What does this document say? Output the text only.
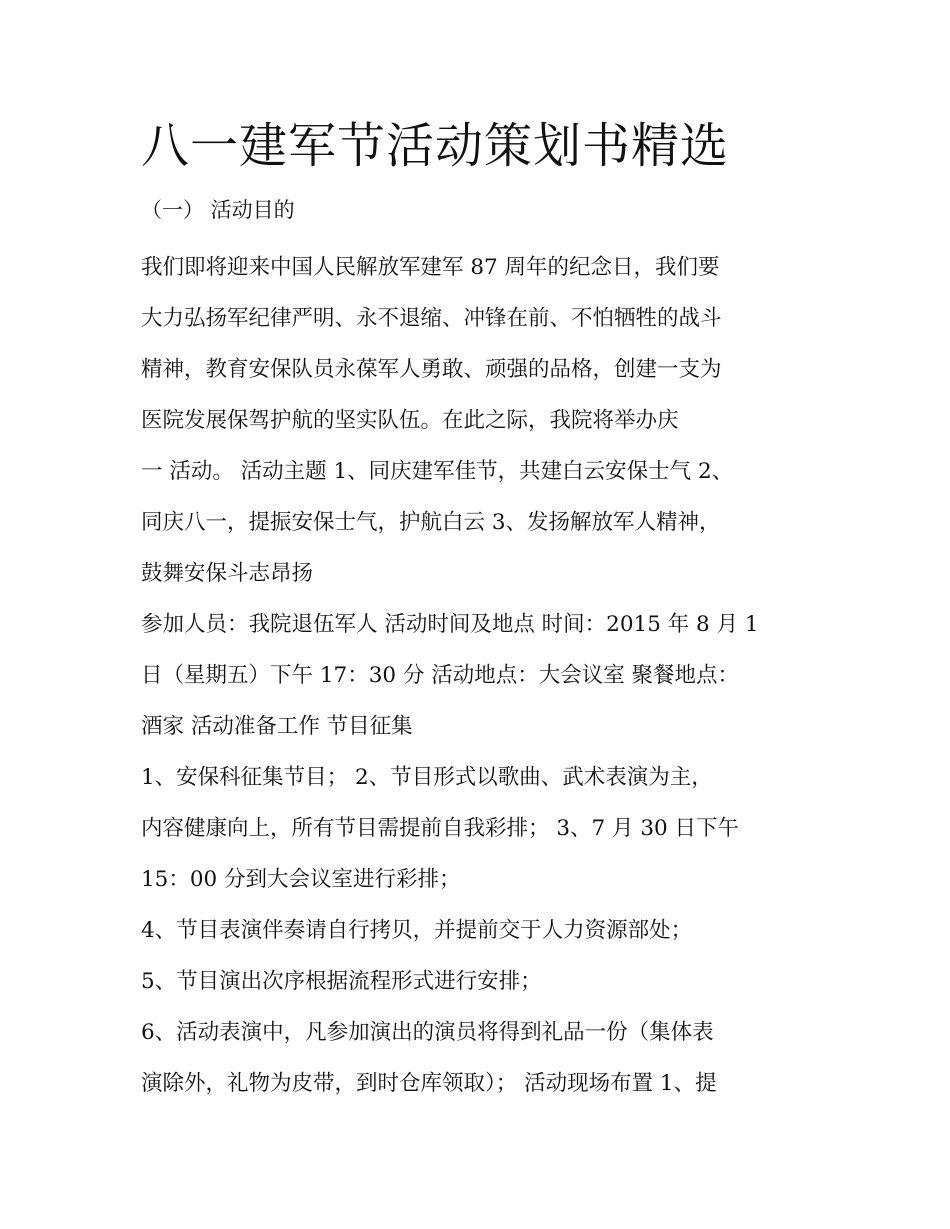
八一建军节活动策划书精选
（一） 活动目的
我们即将迎来中国人民解放军建军 87 周年的纪念日，我们要
大力弘扬军纪律严明、永不退缩、冲锋在前、不怕牺牲的战斗
精神，教育安保队员永葆军人勇敢、顽强的品格，创建一支为
医院发展保驾护航的坚实队伍。在此之际，我院将举办庆
一 活动。 活动主题 1、同庆建军佳节，共建白云安保士气 2、
同庆八一，提振安保士气，护航白云 3、发扬解放军人精神，
鼓舞安保斗志昂扬
参加人员：我院退伍军人 活动时间及地点 时间：2015 年 8 月 1
日（星期五）下午 17：30 分 活动地点：大会议室 聚餐地点：
酒家 活动准备工作 节目征集
1、安保科征集节目； 2、节目形式以歌曲、武术表演为主，
内容健康向上，所有节目需提前自我彩排； 3、7 月 30 日下午
15：00 分到大会议室进行彩排；
4、节目表演伴奏请自行拷贝，并提前交于人力资源部处；
5、节目演出次序根据流程形式进行安排；
6、活动表演中，凡参加演出的演员将得到礼品一份（集体表
演除外，礼物为皮带，到时仓库领取）； 活动现场布置 1、提
